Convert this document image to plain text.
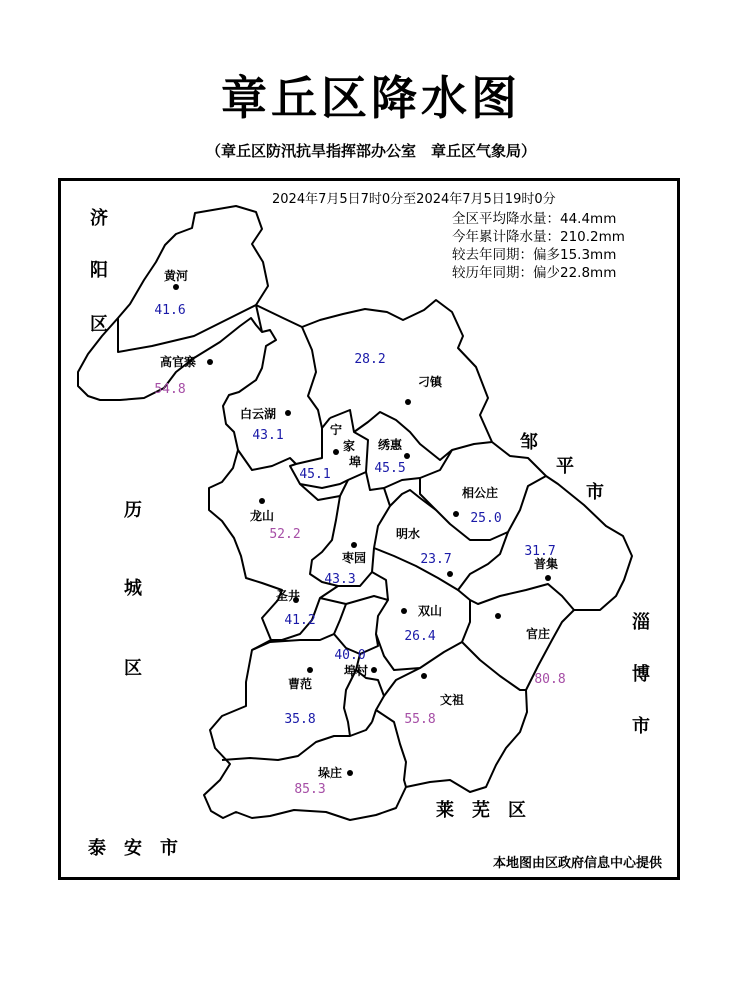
章丘区降水图
（章丘区防汛抗旱指挥部办公室　章丘区气象局）
黄河
41.6
高官寨
54.8	刁镇
28.2
白云湖
43.1	宁
家
埠
45.1
绣惠
45.5
相公庄
25.0
龙山
52.2	明水
23.7	普集
31.7
枣园
43.3
圣井
41.2
双山
26.4	官庄
80.8
埠村
40.0
曹范
35.8
文祖
55.8
垛庄
85.3
2024年7月5日7时0分至2024年7月5日19时0分
全区平均降水量：44.4mm
今年累计降水量：210.2mm
较去年同期：偏多15.3mm
较历年同期：偏少22.8mm
济
阳
区
历
城
区
邹
平
市
淄
博
市
莱　芜　区
泰　安　市
本地图由区政府信息中心提供
